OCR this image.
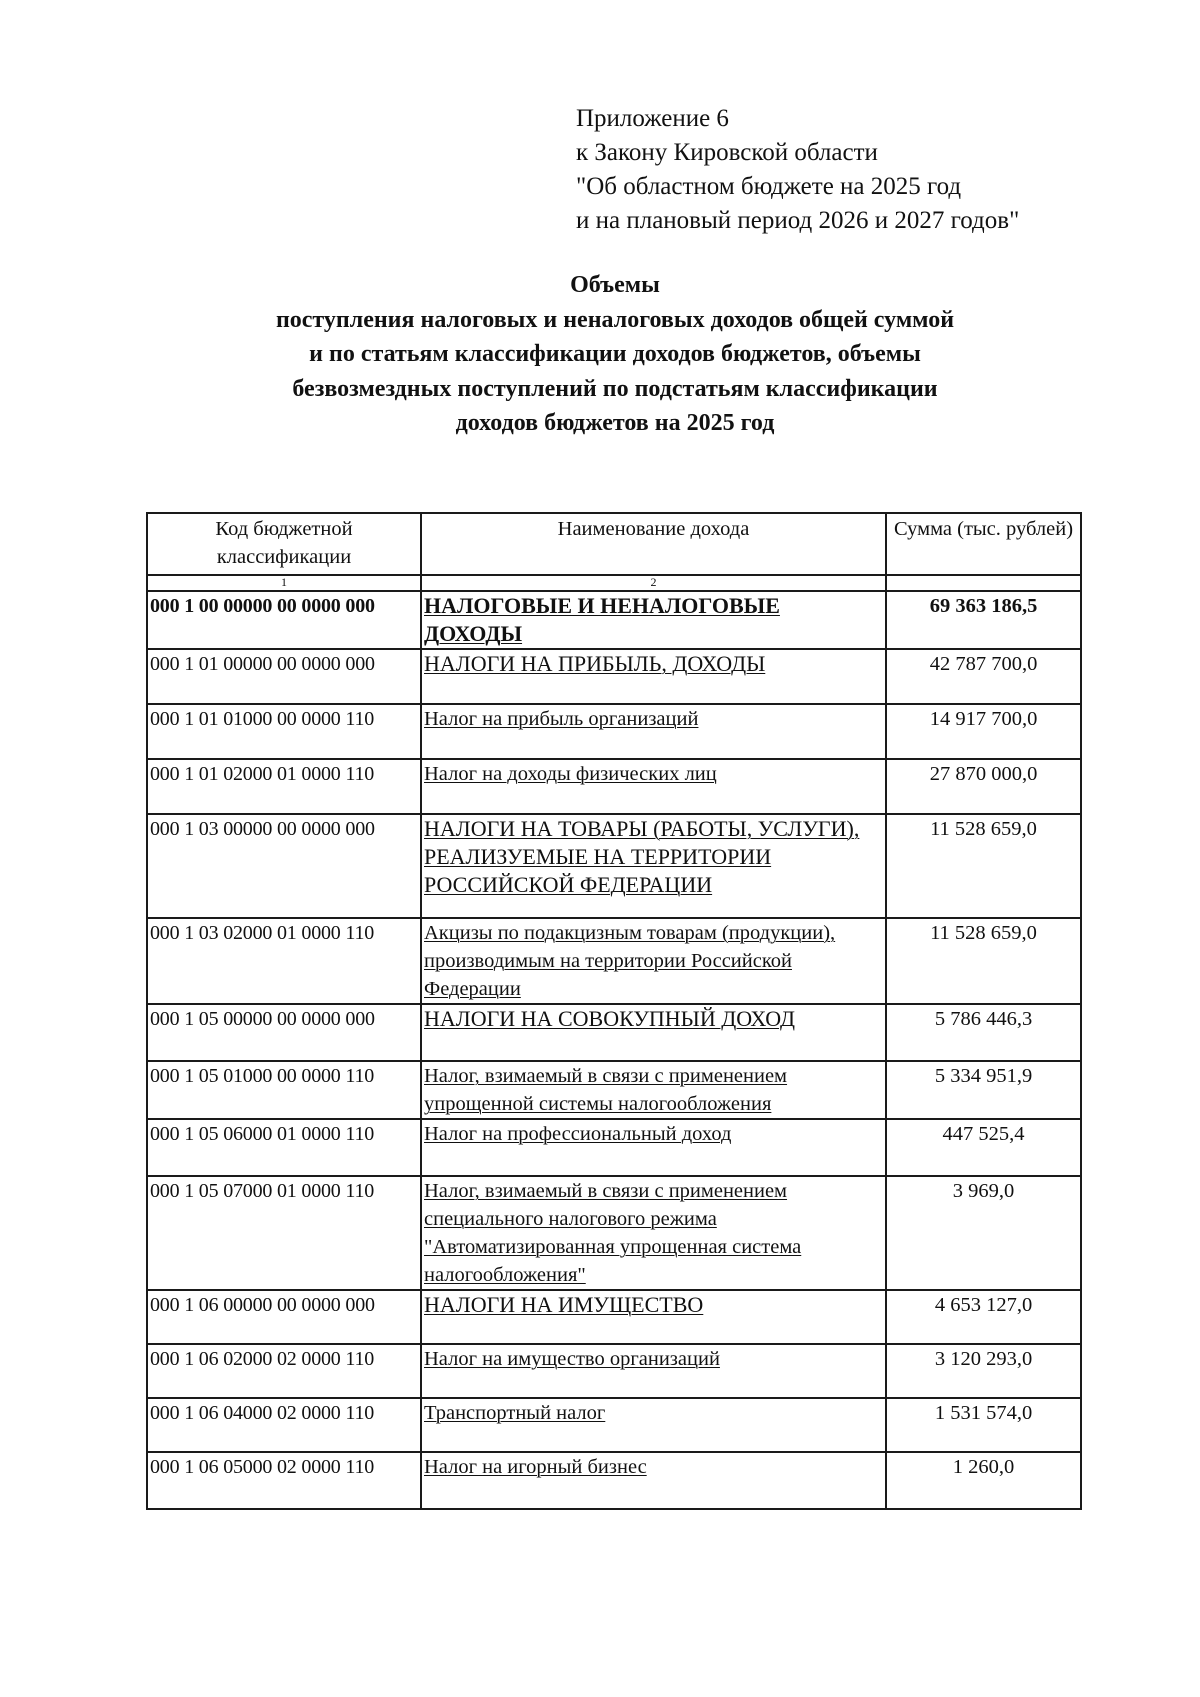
Приложение 6
к Закону Кировской области
"Об областном бюджете на 2025 год
и на плановый период 2026 и 2027 годов"
Объемы
поступления налоговых и неналоговых доходов общей суммой
и по статьям классификации доходов бюджетов, объемы
безвозмездных поступлений по подстатьям классификации
доходов бюджетов на 2025 год
Код бюджетной классификации	Наименование дохода	Сумма (тыс. рублей)
1	2	
000 1 00 00000 00 0000 000	НАЛОГОВЫЕ И НЕНАЛОГОВЫЕ ДОХОДЫ	69 363 186,5
000 1 01 00000 00 0000 000	НАЛОГИ НА ПРИБЫЛЬ, ДОХОДЫ	42 787 700,0
000 1 01 01000 00 0000 110	Налог на прибыль организаций	14 917 700,0
000 1 01 02000 01 0000 110	Налог на доходы физических лиц	27 870 000,0
000 1 03 00000 00 0000 000	НАЛОГИ НА ТОВАРЫ (РАБОТЫ, УСЛУГИ), РЕАЛИЗУЕМЫЕ НА ТЕРРИТОРИИ РОССИЙСКОЙ ФЕДЕРАЦИИ	11 528 659,0
000 1 03 02000 01 0000 110	Акцизы по подакцизным товарам (продукции), производимым на территории Российской Федерации	11 528 659,0
000 1 05 00000 00 0000 000	НАЛОГИ НА СОВОКУПНЫЙ ДОХОД	5 786 446,3
000 1 05 01000 00 0000 110	Налог, взимаемый в связи с применением упрощенной системы налогообложения	5 334 951,9
000 1 05 06000 01 0000 110	Налог на профессиональный доход	447 525,4
000 1 05 07000 01 0000 110	Налог, взимаемый в связи с применением специального налогового режима "Автоматизированная упрощенная система налогообложения"	3 969,0
000 1 06 00000 00 0000 000	НАЛОГИ НА ИМУЩЕСТВО	4 653 127,0
000 1 06 02000 02 0000 110	Налог на имущество организаций	3 120 293,0
000 1 06 04000 02 0000 110	Транспортный налог	1 531 574,0
000 1 06 05000 02 0000 110	Налог на игорный бизнес	1 260,0
